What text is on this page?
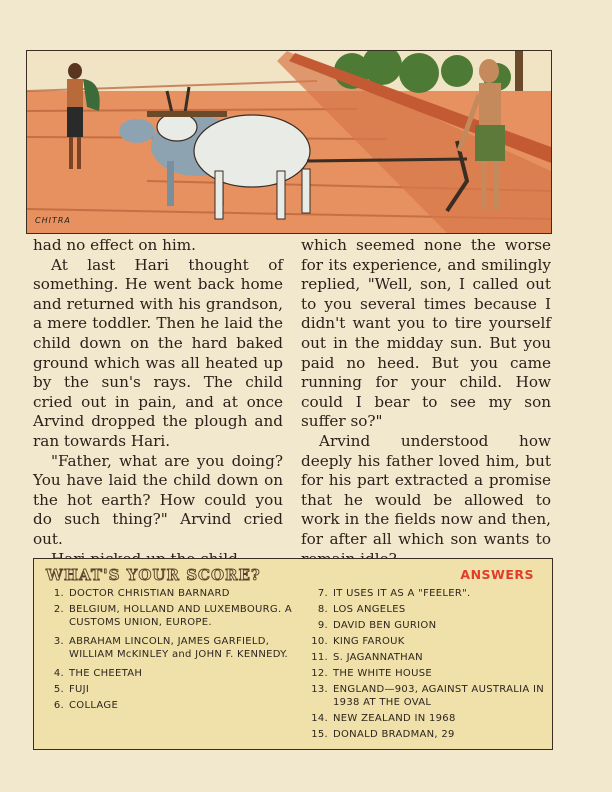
CHITRA

had no effect on him.

At last Hari thought of something. He went back home and returned with his grandson, a mere toddler. Then he laid the child down on the hard baked ground which was all heated up by the sun's rays. The child cried out in pain, and at once Arvind dropped the plough and ran towards Hari.

"Father, what are you doing? You have laid the child down on the hot earth? How could you do such thing?" Arvind cried out.

which seemed none the worse for its experience, and smilingly replied, "Well, son, I called out to you several times because I didn't want you to tire yourself out in the midday sun. But you paid no heed. But you came running for your child. How could I bear to see my son suffer so?"

Arvind understood how deeply his father loved him, but for his part extracted a promise that he would be allowed to work in the fields now and then, for after all which son wants to

WHAT'S YOUR SCORE?	ANSWERS
1. DOCTOR CHRISTIAN BARNARD
2. BELGIUM, HOLLAND AND LUXEMBOURG. A CUSTOMS UNION, EUROPE.
3. ABRAHAM LINCOLN, JAMES GARFIELD, WILLIAM McKINLEY and JOHN F. KENNEDY.
4. THE CHEETAH
5. FUJI
6. COLLAGE
7. IT USES IT AS A "FEELER".
8. LOS ANGELES
9. DAVID BEN GURION
10. KING FAROUK
11. S. JAGANNATHAN
12. THE WHITE HOUSE
13. ENGLAND—903, AGAINST AUSTRALIA IN 1938 AT THE OVAL
14. NEW ZEALAND IN 1968
15. DONALD BRADMAN, 29
